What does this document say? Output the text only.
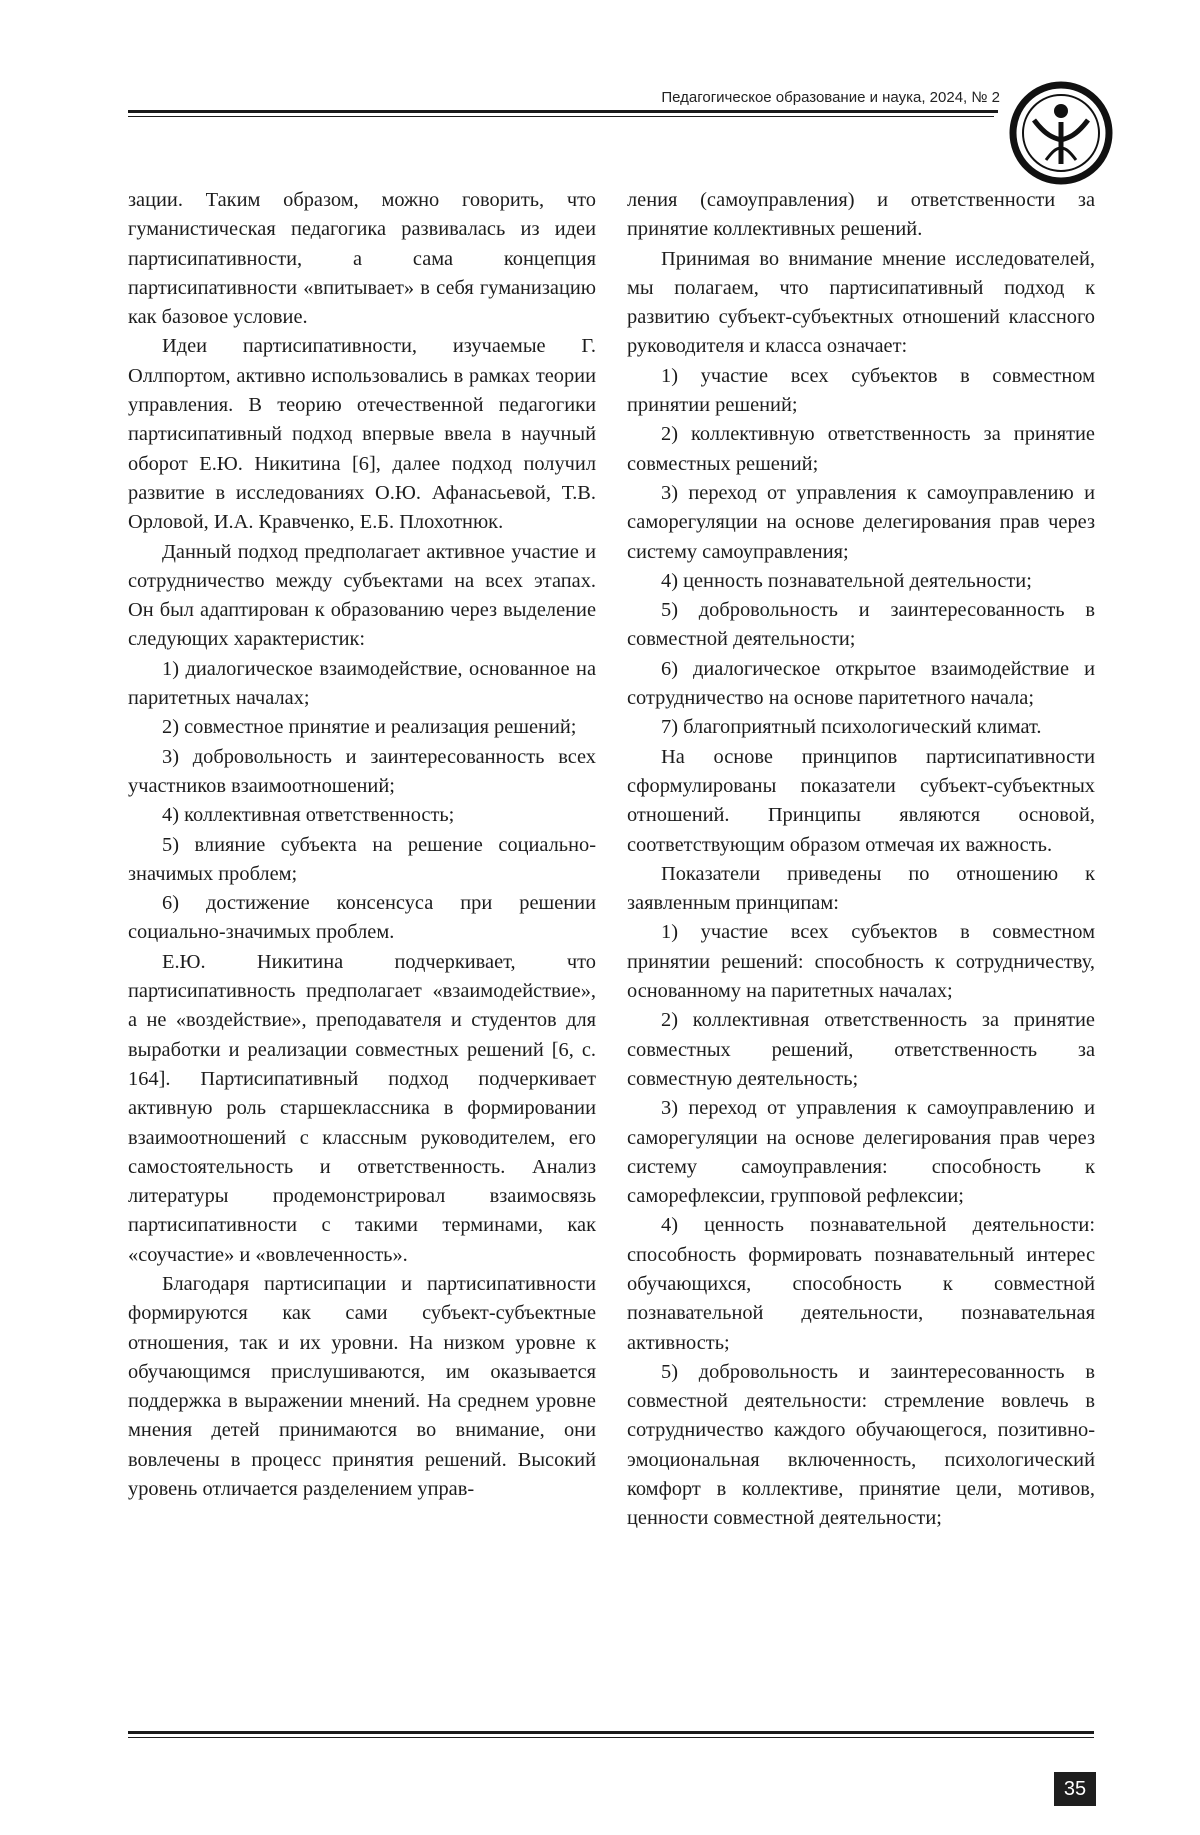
Педагогическое образование и наука, 2024, № 2

зации. Таким образом, можно говорить, что гуманистическая педагогика развивалась из идеи партисипативности, а сама концепция партисипативности «впитывает» в себя гуманизацию как базовое условие.

Идеи партисипативности, изучаемые Г. Оллпортом, активно использовались в рамках теории управления. В теорию отечественной педагогики партисипативный подход впервые ввела в научный оборот Е.Ю. Никитина [6], далее подход получил развитие в исследованиях О.Ю. Афанасьевой, Т.В. Орловой, И.А. Кравченко, Е.Б. Плохотнюк.

Данный подход предполагает активное участие и сотрудничество между субъектами на всех этапах. Он был адаптирован к образованию через выделение следующих характеристик:

1) диалогическое взаимодействие, основанное на паритетных началах;

2) совместное принятие и реализация решений;

3) добровольность и заинтересованность всех участников взаимоотношений;

4) коллективная ответственность;

5) влияние субъекта на решение социально-значимых проблем;

6) достижение консенсуса при решении социально-значимых проблем.

Е.Ю. Никитина подчеркивает, что партисипативность предполагает «взаимодействие», а не «воздействие», преподавателя и студентов для выработки и реализации совместных решений [6, с. 164]. Партисипативный подход подчеркивает активную роль старшеклассника в формировании взаимоотношений с классным руководителем, его самостоятельность и ответственность. Анализ литературы продемонстрировал взаимосвязь партисипативности с такими терминами, как «соучастие» и «вовлеченность».

Благодаря партисипации и партисипативности формируются как сами субъект-субъектные отношения, так и их уровни. На низком уровне к обучающимся прислушиваются, им оказывается поддержка в выражении мнений. На среднем уровне мнения детей принимаются во внимание, они вовлечены в процесс принятия решений. Высокий уровень отличается разделением управ-

ления (самоуправления) и ответственности за принятие коллективных решений.

Принимая во внимание мнение исследователей, мы полагаем, что партисипативный подход к развитию субъект-субъектных отношений классного руководителя и класса означает:

1) участие всех субъектов в совместном принятии решений;

2) коллективную ответственность за принятие совместных решений;

3) переход от управления к самоуправлению и саморегуляции на основе делегирования прав через систему самоуправления;

4) ценность познавательной деятельности;

5) добровольность и заинтересованность в совместной деятельности;

6) диалогическое открытое взаимодействие и сотрудничество на основе паритетного начала;

7) благоприятный психологический климат.

На основе принципов партисипативности сформулированы показатели субъект-субъектных отношений. Принципы являются основой, соответствующим образом отмечая их важность.

Показатели приведены по отношению к заявленным принципам:

1) участие всех субъектов в совместном принятии решений: способность к сотрудничеству, основанному на паритетных началах;

2) коллективная ответственность за принятие совместных решений, ответственность за совместную деятельность;

3) переход от управления к самоуправлению и саморегуляции на основе делегирования прав через систему самоуправления: способность к саморефлексии, групповой рефлексии;

4) ценность познавательной деятельности: способность формировать познавательный интерес обучающихся, способность к совместной познавательной деятельности, познавательная активность;

5) добровольность и заинтересованность в совместной деятельности: стремление вовлечь в сотрудничество каждого обучающегося, позитивно-эмоциональная включенность, психологический комфорт в коллективе, принятие цели, мотивов, ценности совместной деятельности;

35
